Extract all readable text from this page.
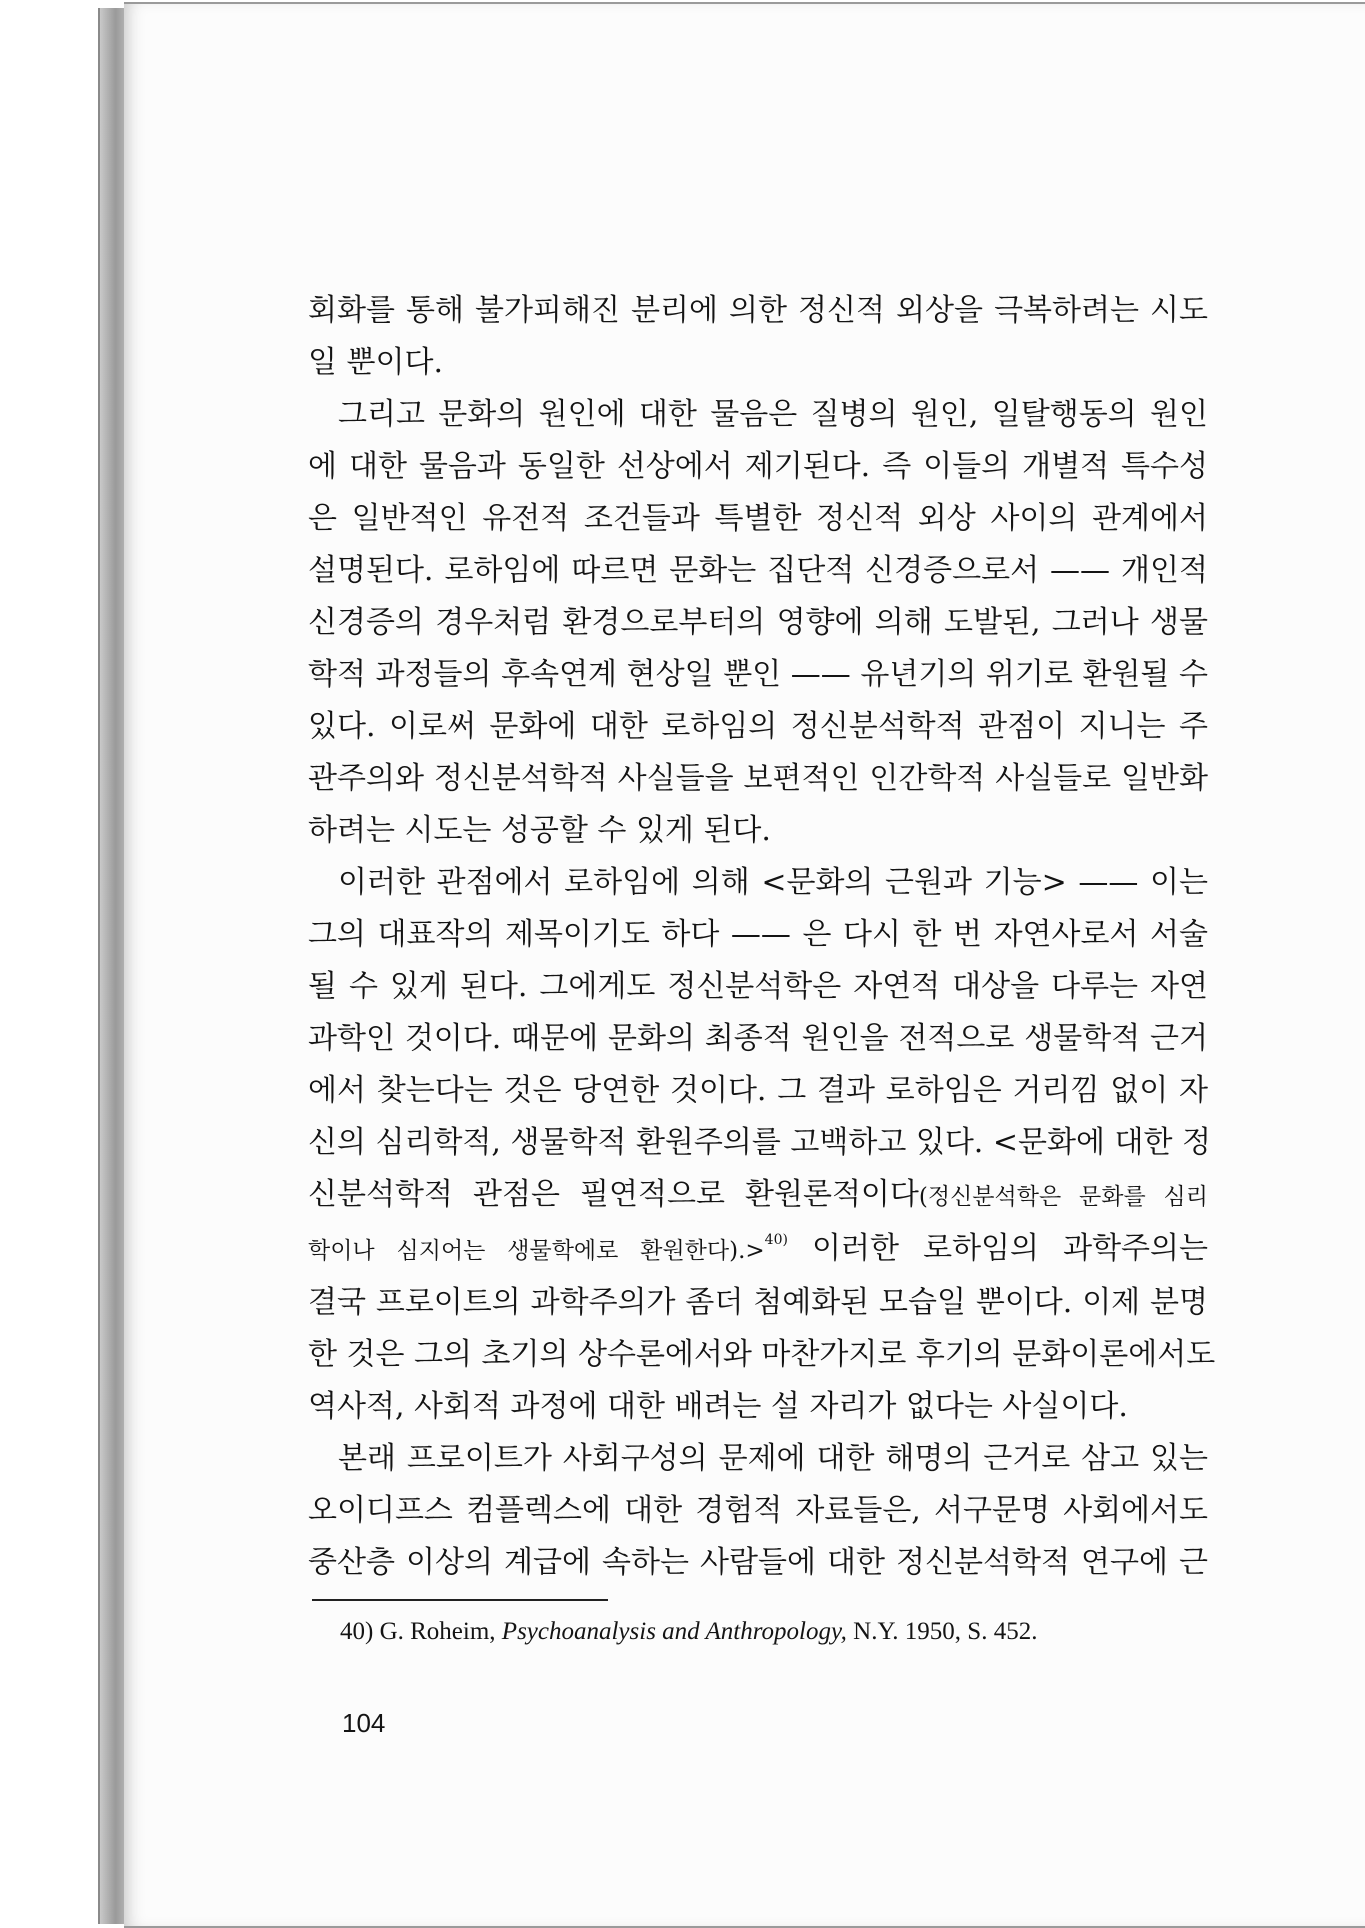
회화를 통해 불가피해진 분리에 의한 정신적 외상을 극복하려는 시도
일 뿐이다.
그리고 문화의 원인에 대한 물음은 질병의 원인, 일탈행동의 원인
에 대한 물음과 동일한 선상에서 제기된다. 즉 이들의 개별적 특수성
은 일반적인 유전적 조건들과 특별한 정신적 외상 사이의 관계에서
설명된다. 로하임에 따르면 문화는 집단적 신경증으로서 —— 개인적
신경증의 경우처럼 환경으로부터의 영향에 의해 도발된, 그러나 생물
학적 과정들의 후속연계 현상일 뿐인 —— 유년기의 위기로 환원될 수
있다. 이로써 문화에 대한 로하임의 정신분석학적 관점이 지니는 주
관주의와 정신분석학적 사실들을 보편적인 인간학적 사실들로 일반화
하려는 시도는 성공할 수 있게 된다.
이러한 관점에서 로하임에 의해 <문화의 근원과 기능> —— 이는
그의 대표작의 제목이기도 하다 —— 은 다시 한 번 자연사로서 서술
될 수 있게 된다. 그에게도 정신분석학은 자연적 대상을 다루는 자연
과학인 것이다. 때문에 문화의 최종적 원인을 전적으로 생물학적 근거
에서 찾는다는 것은 당연한 것이다. 그 결과 로하임은 거리낌 없이 자
신의 심리학적, 생물학적 환원주의를 고백하고 있다. <문화에 대한 정
신분석학적 관점은 필연적으로 환원론적이다(정신분석학은 문화를 심리
학이나 심지어는 생물학에로 환원한다).>$^{40)}$ 이러한 로하임의 과학주의는
결국 프로이트의 과학주의가 좀더 첨예화된 모습일 뿐이다. 이제 분명
한 것은 그의 초기의 상수론에서와 마찬가지로 후기의 문화이론에서도
역사적, 사회적 과정에 대한 배려는 설 자리가 없다는 사실이다.
본래 프로이트가 사회구성의 문제에 대한 해명의 근거로 삼고 있는
오이디프스 컴플렉스에 대한 경험적 자료들은, 서구문명 사회에서도
중산층 이상의 계급에 속하는 사람들에 대한 정신분석학적 연구에 근
40) G. Roheim, Psychoanalysis and Anthropology, N.Y. 1950, S. 452.
104
